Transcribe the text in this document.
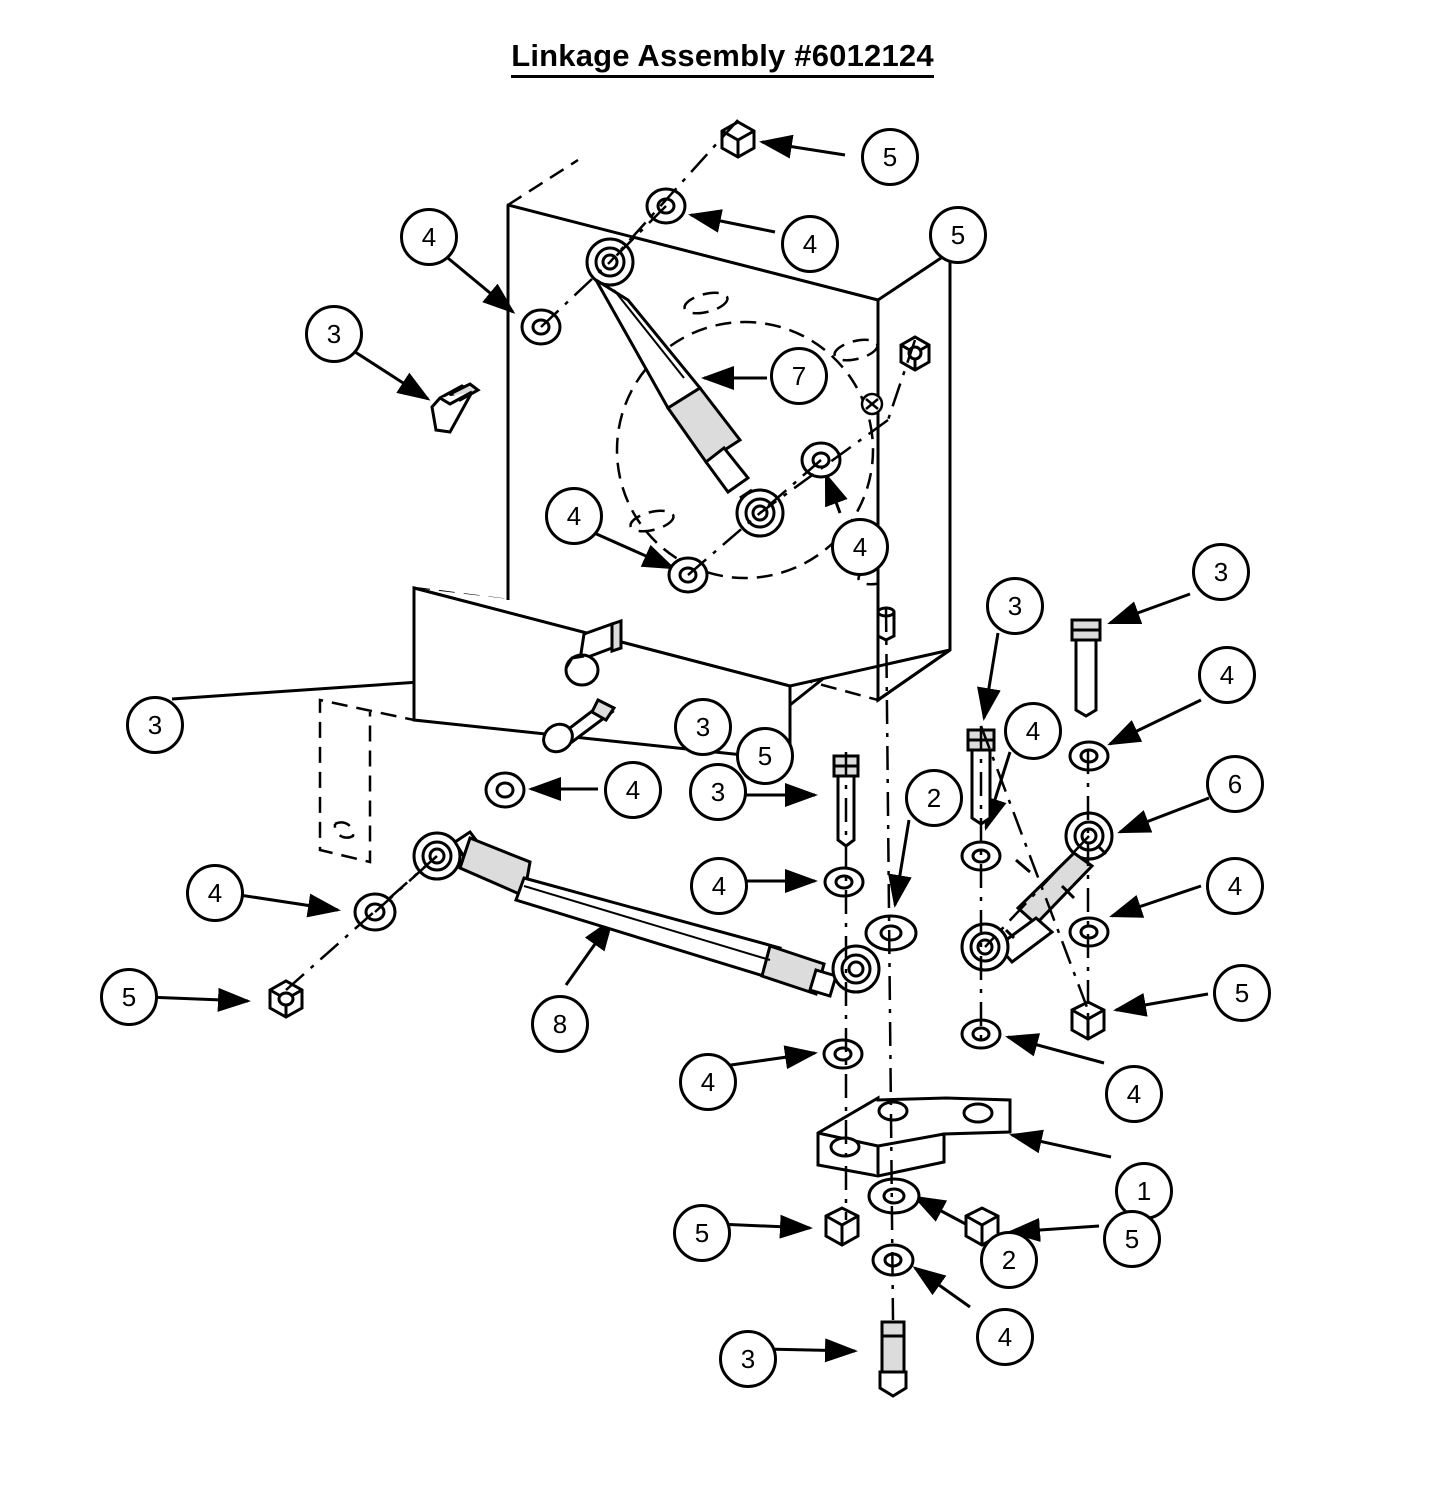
Linkage Assembly #6012124
5
4
4	5
3
7
4
4
3
3
4
3	3
5
4
6
4	2
3
4	4
4
8
5
5
4
4
1
5
2
5
4
3
